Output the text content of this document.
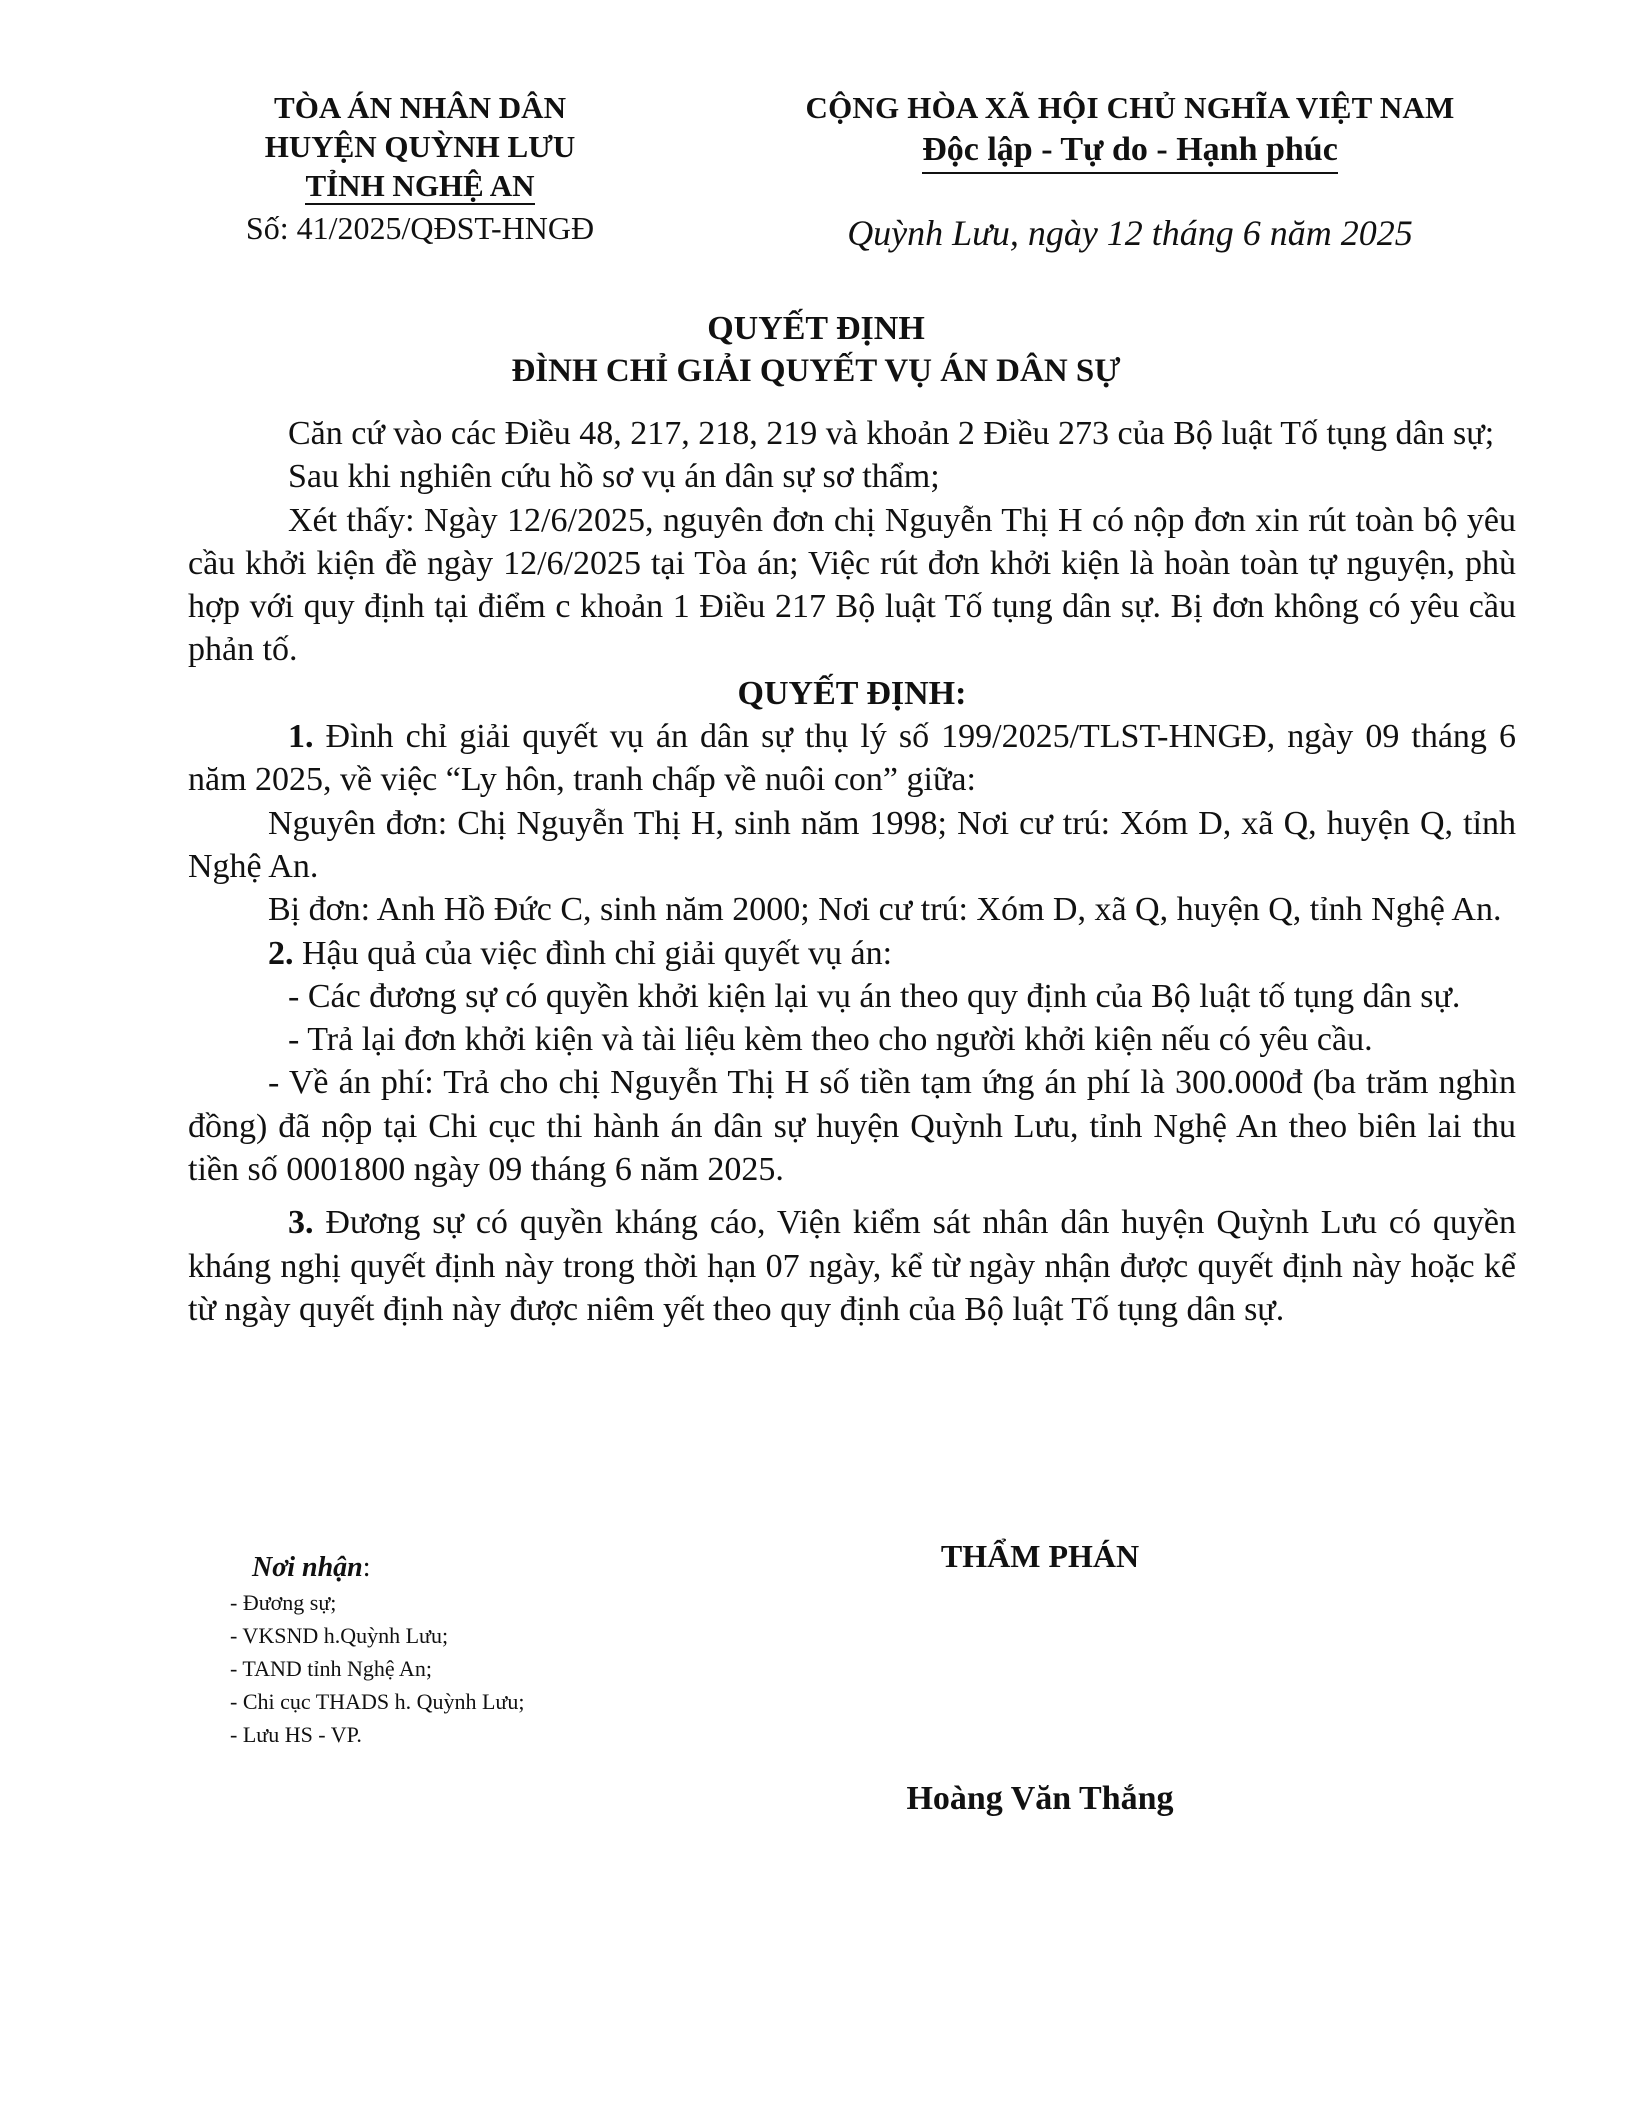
TÒA ÁN NHÂN DÂN
HUYỆN QUỲNH LƯU
TỈNH NGHỆ AN
Số: 41/2025/QĐST-HNGĐ
CỘNG HÒA XÃ HỘI CHỦ NGHĨA VIỆT NAM
Độc lập - Tự do - Hạnh phúc
Quỳnh Lưu, ngày 12 tháng 6 năm 2025
QUYẾT ĐỊNH
ĐÌNH CHỈ GIẢI QUYẾT VỤ ÁN DÂN SỰ

Căn cứ vào các Điều 48, 217, 218, 219 và khoản 2 Điều 273 của Bộ luật Tố tụng dân sự;

Sau khi nghiên cứu hồ sơ vụ án dân sự sơ thẩm;

Xét thấy: Ngày 12/6/2025, nguyên đơn chị Nguyễn Thị H có nộp đơn xin rút toàn bộ yêu cầu khởi kiện đề ngày 12/6/2025 tại Tòa án; Việc rút đơn khởi kiện là hoàn toàn tự nguyện, phù hợp với quy định tại điểm c khoản 1 Điều 217 Bộ luật Tố tụng dân sự. Bị đơn không có yêu cầu phản tố.

QUYẾT ĐỊNH:

1. Đình chỉ giải quyết vụ án dân sự thụ lý số 199/2025/TLST-HNGĐ, ngày 09 tháng 6 năm 2025, về việc “Ly hôn, tranh chấp về nuôi con” giữa:

Nguyên đơn: Chị Nguyễn Thị H, sinh năm 1998; Nơi cư trú: Xóm D, xã Q, huyện Q, tỉnh Nghệ An.

Bị đơn: Anh Hồ Đức C, sinh năm 2000; Nơi cư trú: Xóm D, xã Q, huyện Q, tỉnh Nghệ An.

2. Hậu quả của việc đình chỉ giải quyết vụ án:

- Các đương sự có quyền khởi kiện lại vụ án theo quy định của Bộ luật tố tụng dân sự.

- Trả lại đơn khởi kiện và tài liệu kèm theo cho người khởi kiện nếu có yêu cầu.

- Về án phí: Trả cho chị Nguyễn Thị H số tiền tạm ứng án phí là 300.000đ (ba trăm nghìn đồng) đã nộp tại Chi cục thi hành án dân sự huyện Quỳnh Lưu, tỉnh Nghệ An theo biên lai thu tiền số 0001800 ngày 09 tháng 6 năm 2025.

3. Đương sự có quyền kháng cáo, Viện kiểm sát nhân dân huyện Quỳnh Lưu có quyền kháng nghị quyết định này trong thời hạn 07 ngày, kể từ ngày nhận được quyết định này hoặc kể từ ngày quyết định này được niêm yết theo quy định của Bộ luật Tố tụng dân sự.

Nơi nhận:
- Đương sự;
- VKSND h.Quỳnh Lưu;
- TAND tỉnh Nghệ An;
- Chi cục THADS h. Quỳnh Lưu;
- Lưu HS - VP.
THẨM PHÁN
Hoàng Văn Thắng
